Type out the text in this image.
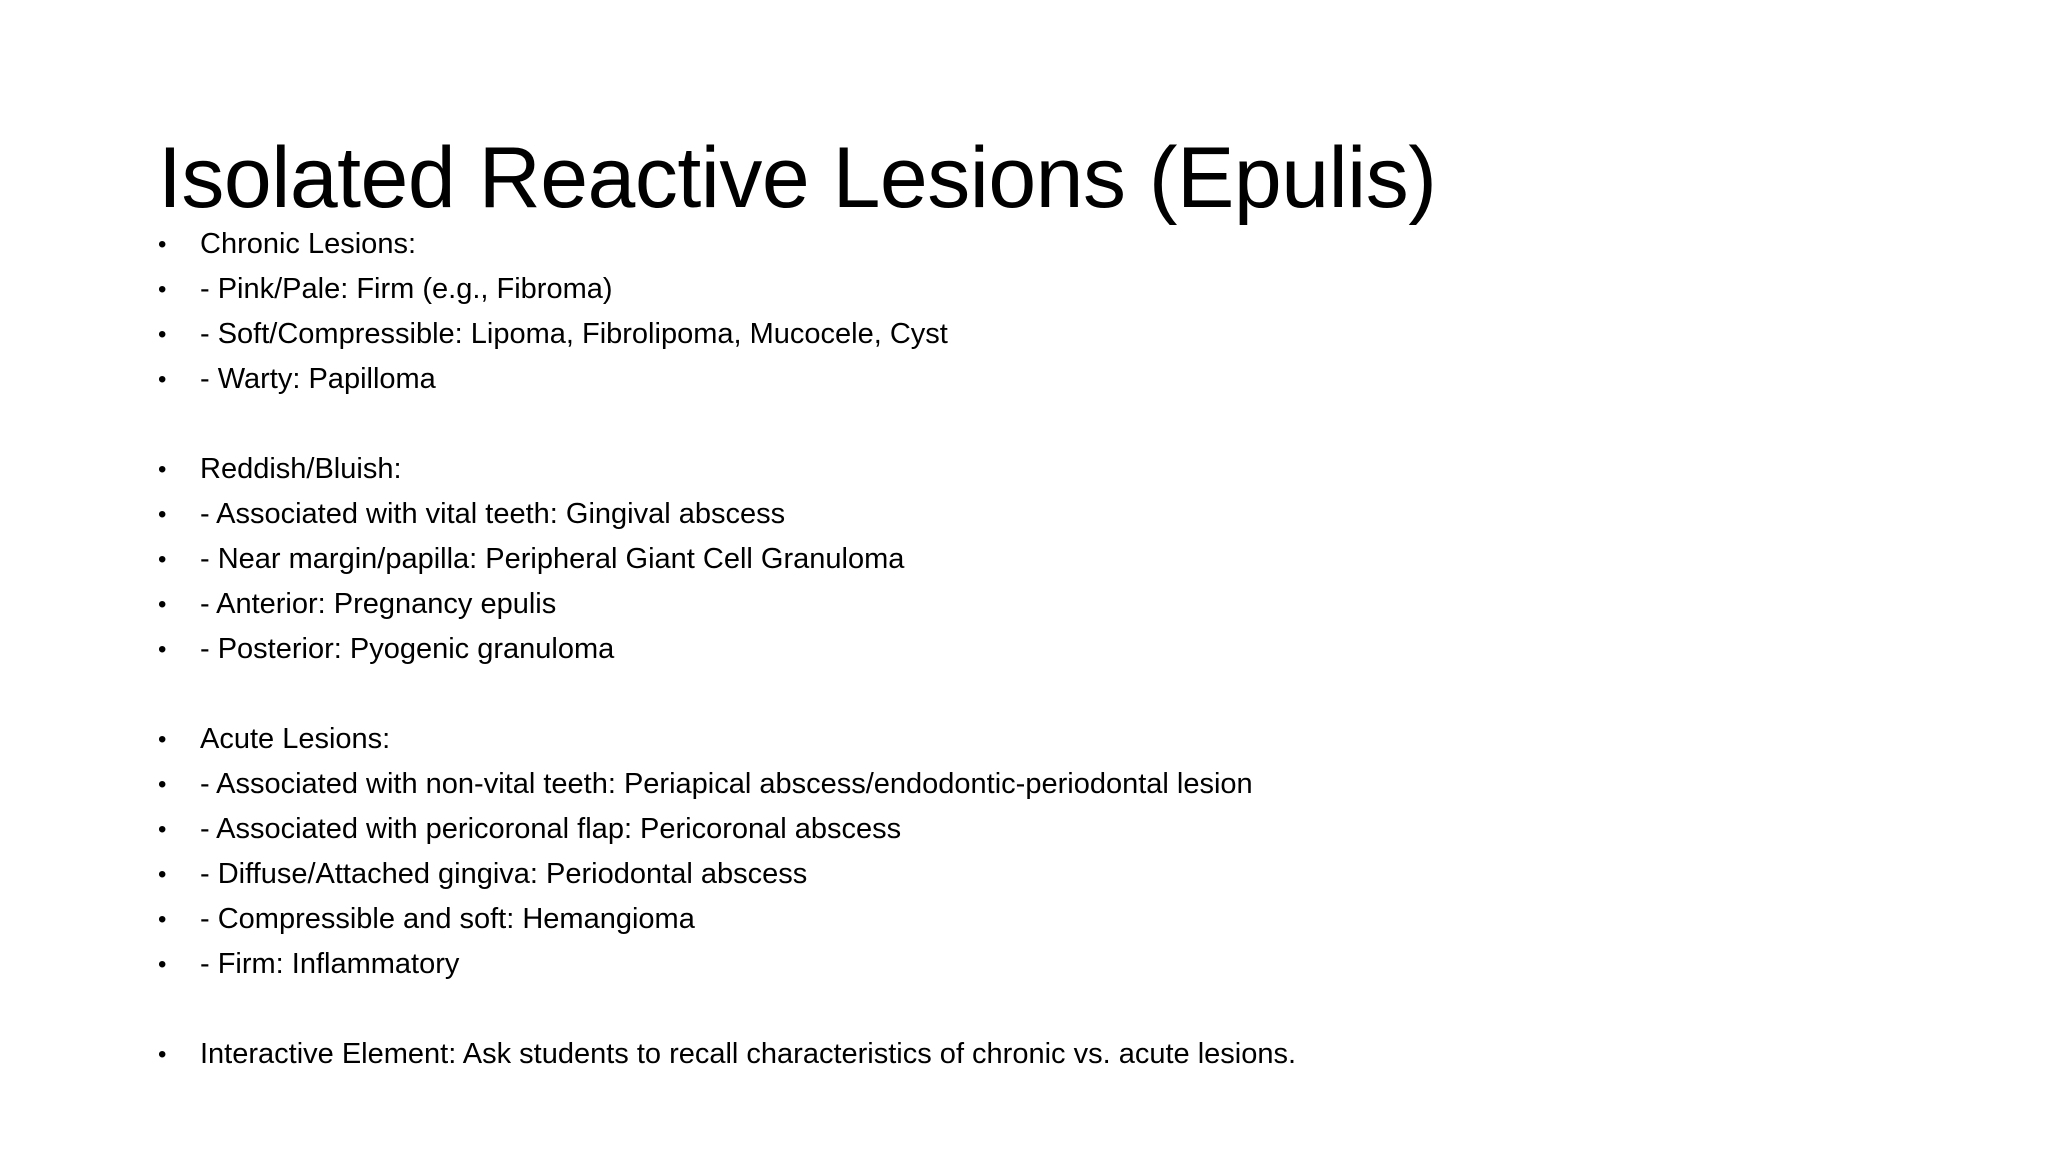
Isolated Reactive Lesions (Epulis)
•	Chronic Lesions:
•	- Pink/Pale: Firm (e.g., Fibroma)
•	- Soft/Compressible: Lipoma, Fibrolipoma, Mucocele, Cyst
•	- Warty: Papilloma
•	Reddish/Bluish:
•	- Associated with vital teeth: Gingival abscess
•	- Near margin/papilla: Peripheral Giant Cell Granuloma
•	- Anterior: Pregnancy epulis
•	- Posterior: Pyogenic granuloma
•	Acute Lesions:
•	- Associated with non-vital teeth: Periapical abscess/endodontic-periodontal lesion
•	- Associated with pericoronal flap: Pericoronal abscess
•	- Diffuse/Attached gingiva: Periodontal abscess
•	- Compressible and soft: Hemangioma
•	- Firm: Inflammatory
•	Interactive Element: Ask students to recall characteristics of chronic vs. acute lesions.
